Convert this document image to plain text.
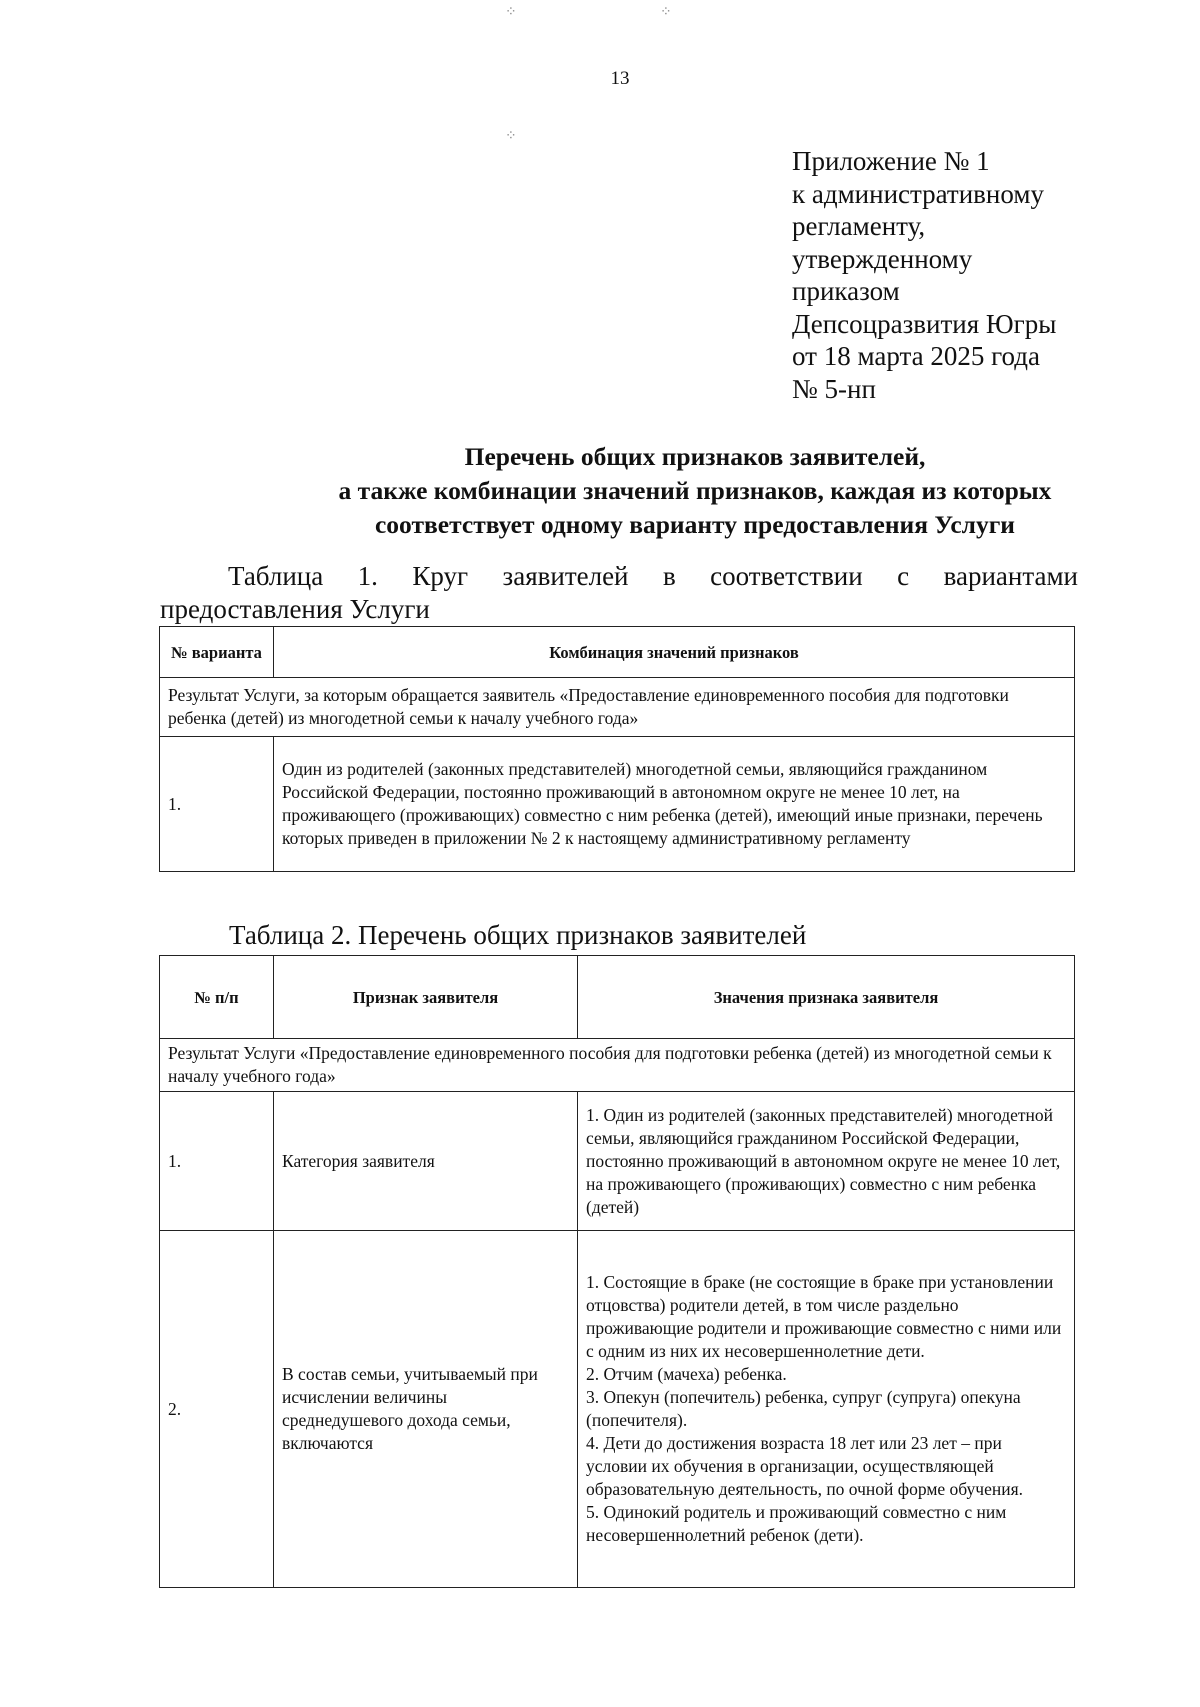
13
⁘	⁘
⁘
Приложение № 1
к административному
регламенту,
утвержденному
приказом
Депсоцразвития Югры
от 18 марта 2025 года
№ 5-нп
Перечень общих признаков заявителей,
а также комбинации значений признаков, каждая из которых
соответствует одному варианту предоставления Услуги
Таблица 1. Круг заявителей в соответствии с вариантами
предоставления Услуги
№ варианта	Комбинация значений признаков
Результат Услуги, за которым обращается заявитель «Предоставление единовременного пособия для подготовки ребенка (детей) из многодетной семьи к началу учебного года»	
1.	Один из родителей (законных представителей) многодетной семьи, являющийся гражданином Российской Федерации, постоянно проживающий в автономном округе не менее 10 лет, на проживающего (проживающих) совместно с ним ребенка (детей), имеющий иные признаки, перечень которых приведен в приложении № 2 к настоящему административному регламенту
Таблица 2. Перечень общих признаков заявителей
№ п/п	Признак заявителя	Значения признака заявителя
Результат Услуги «Предоставление единовременного пособия для подготовки ребенка (детей) из многодетной семьи к началу учебного года»		
1.	Категория заявителя	1. Один из родителей (законных представителей) многодетной семьи, являющийся гражданином Российской Федерации, постоянно проживающий в автономном округе не менее 10 лет, на проживающего (проживающих) совместно с ним ребенка (детей)

2.	В состав семьи, учитываемый при исчислении величины среднедушевого дохода семьи, включаются	1. Состоящие в браке (не состоящие в браке при установлении отцовства) родители детей, в том числе раздельно проживающие родители и проживающие совместно с ними или с одним из них их несовершеннолетние дети.
2. Отчим (мачеха) ребенка.
3. Опекун (попечитель) ребенка, супруг (супруга) опекуна (попечителя).
4. Дети до достижения возраста 18 лет или 23 лет – при условии их обучения в организации, осуществляющей образовательную деятельность, по очной форме обучения.
5. Одинокий родитель и проживающий совместно с ним несовершеннолетний ребенок (дети).
